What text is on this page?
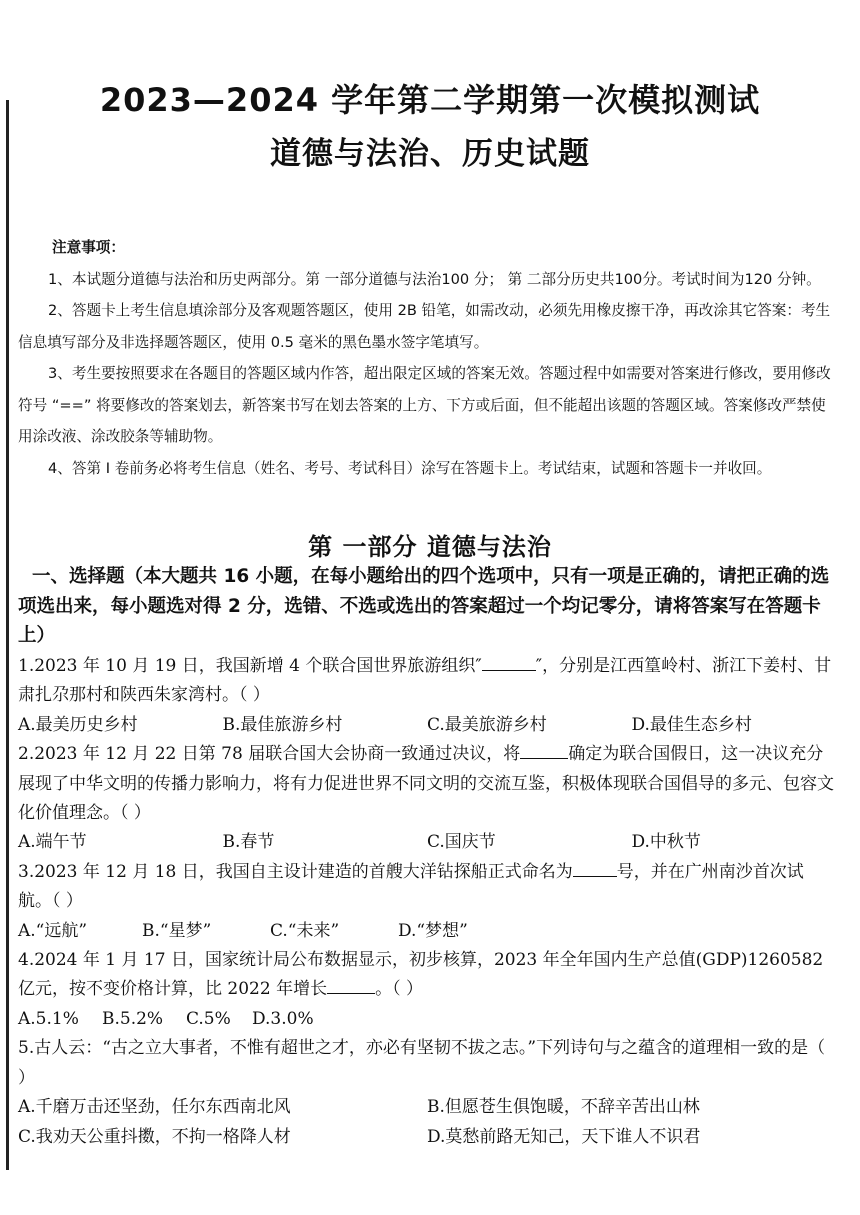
2023—2024 学年第二学期第一次模拟测试
道德与法治、历史试题
注意事项：

1、本试题分道德与法治和历史两部分。第 一部分道德与法治100 分； 第 二部分历史共100分。考试时间为120 分钟。

2、答题卡上考生信息填涂部分及客观题答题区，使用 2B 铅笔，如需改动，必须先用橡皮擦干净，再改涂其它答案：考生信息填写部分及非选择题答题区，使用 0.5 毫米的黑色墨水签字笔填写。

3、考生要按照要求在各题目的答题区域内作答，超出限定区域的答案无效。答题过程中如需要对答案进行修改，要用修改符号 “==” 将要修改的答案划去，新答案书写在划去答案的上方、下方或后面，但不能超出该题的答题区域。答案修改严禁使用涂改液、涂改胶条等辅助物。

4、答第 Ⅰ 卷前务必将考生信息（姓名、考号、考试科目）涂写在答题卡上。考试结束，试题和答题卡一并收回。

第 一部分 道德与法治
一、选择题（本大题共 16 小题，在每小题给出的四个选项中，只有一项是正确的，请把正确的选项选出来，每小题选对得 2 分，选错、不选或选出的答案超过一个均记零分，请将答案写在答题卡上）

1.2023 年 10 月 19 日，我国新增 4 个联合国世界旅游组织″	″，分别是江西篁岭村、浙江下姜村、甘肃扎尕那村和陕西朱家湾村。（ ）

A.最美历史乡村	B.最佳旅游乡村	C.最美旅游乡村	D.最佳生态乡村

2.2023 年 12 月 22 日第 78 届联合国大会协商一致通过决议，将	确定为联合国假日，这一决议充分展现了中华文明的传播力影响力，将有力促进世界不同文明的交流互鉴，积极体现联合国倡导的多元、包容文化价值理念。（ ）

A.端午节	B.春节	C.国庆节	D.中秋节

3.2023 年 12 月 18 日，我国自主设计建造的首艘大洋钻探船正式命名为	号，并在广州南沙首次试航。（ ）

A.“远航”	B.“星梦”	C.“未来”	D.“梦想”

4.2024 年 1 月 17 日，国家统计局公布数据显示，初步核算，2023 年全年国内生产总值(GDP)1260582 亿元，按不变价格计算，比 2022 年增长	。（ ）

A.5.1%	B.5.2%	C.5%	D.3.0%

5.古人云：“古之立大事者，不惟有超世之才，亦必有坚韧不拔之志。”下列诗句与之蕴含的道理相一致的是（ ）

A.千磨万击还坚劲，任尔东西南北风	B.但愿苍生俱饱暖，不辞辛苦出山林
C.我劝天公重抖擞，不拘一格降人材	D.莫愁前路无知己，天下谁人不识君
